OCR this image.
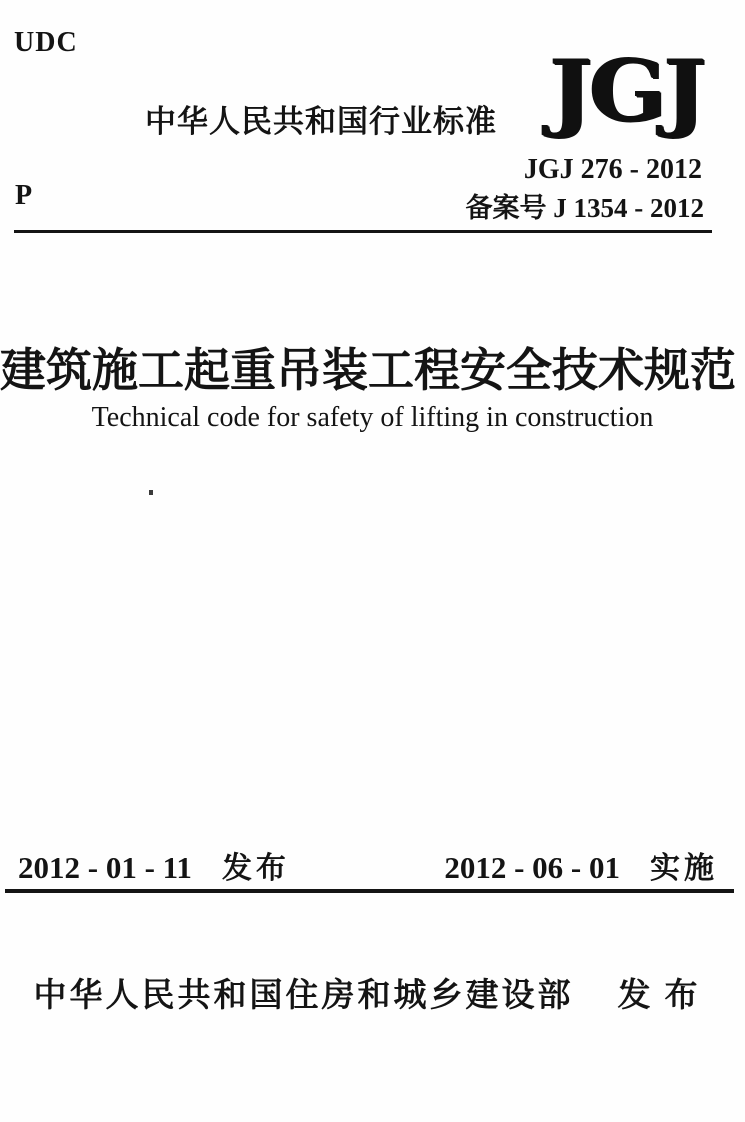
UDC
中华人民共和国行业标准 JGJ
JGJ 276 - 2012
备案号 J 1354 - 2012
P
建筑施工起重吊装工程安全技术规范
Technical code for safety of lifting in construction
2012 - 01 - 11 发布	2012 - 06 - 01 实施
中华人民共和国住房和城乡建设部 发布
